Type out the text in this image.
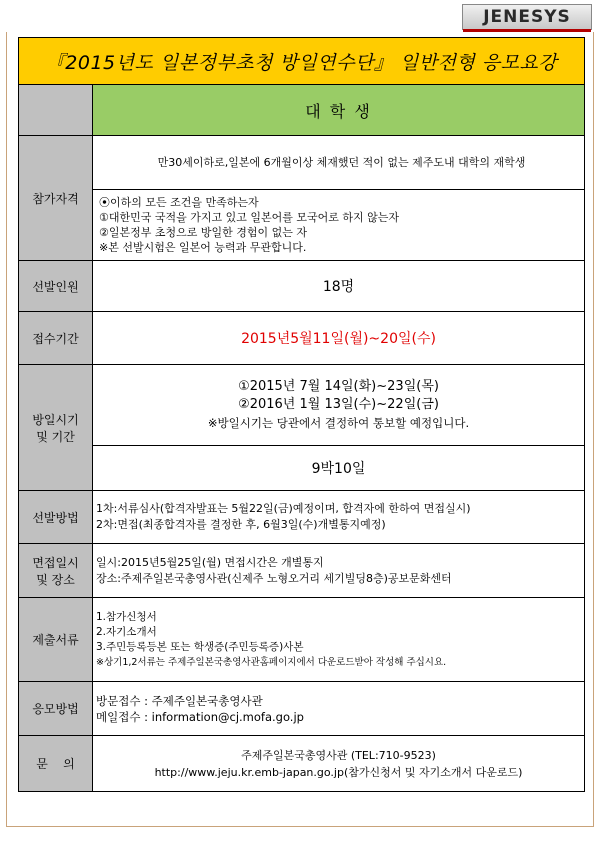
JENESYS
『2015년도 일본정부초청 방일연수단』 일반전형 응모요강	
	대 학 생
참가자격	만30세이하로,일본에 6개월이상 체재했던 적이 없는 제주도내 대학의 재학생

	⦿이하의 모든 조건을 만족하는자
①대한민국 국적을 가지고 있고 일본어를 모국어로 하지 않는자
②일본정부 초청으로 방일한 경험이 없는 자
※본 선발시험은 일본어 능력과 무관합니다.

선발인원	18명
접수기간	2015년5월11일(월)~20일(수)
방일시기 및 기간	①2015년 7월 14일(화)~23일(목)
②2016년 1월 13일(수)~22일(금)
※방일시기는 당관에서 결정하여 통보할 예정입니다.

	9박10일
선발방법	1차:서류심사(합격자발표는 5월22일(금)예정이며, 합격자에 한하여 면접실시)
2차:면접(최종합격자를 결정한 후, 6월3일(수)개별통지예정)

면접일시 및 장소	일시:2015년5월25일(월) 면접시간은 개별통지
장소:주제주일본국총영사관(신제주 노형오거리 세기빌딩8층)공보문화센터

제출서류	1.참가신청서
2.자기소개서
3.주민등록등본 또는 학생증(주민등록증)사본
※상기1,2서류는 주제주일본국총영사관홈페이지에서 다운로드받아 작성해 주십시요.

응모방법	방문접수 : 주제주일본국총영사관
메일접수 : information@cj.mofa.go.jp

문    의	주제주일본국총영사관 (TEL:710-9523)
http://www.jeju.kr.emb-japan.go.jp(참가신청서 및 자기소개서 다운로드)
